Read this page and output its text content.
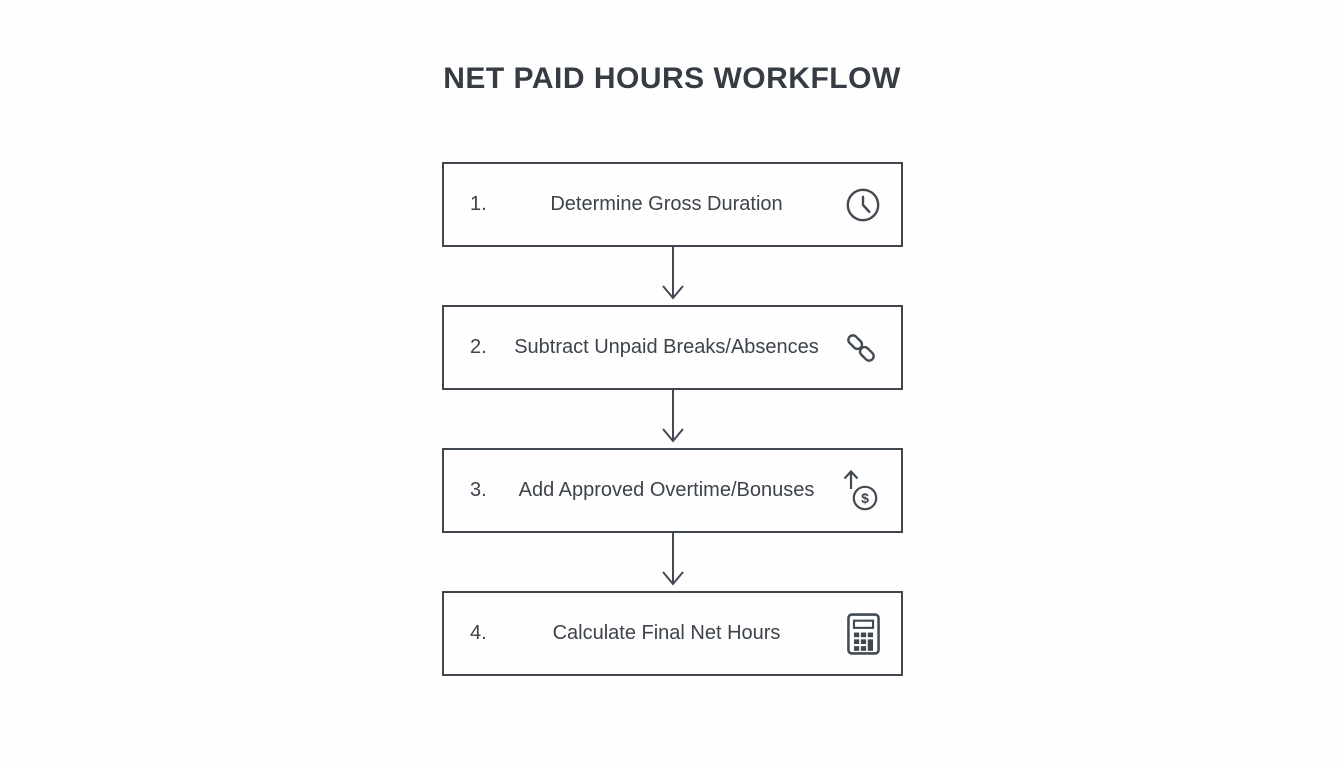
NET PAID HOURS WORKFLOW
1.	Determine Gross Duration
2.	Subtract Unpaid Breaks/Absences
3.	Add Approved Overtime/Bonuses	$
4.	Calculate Final Net Hours
